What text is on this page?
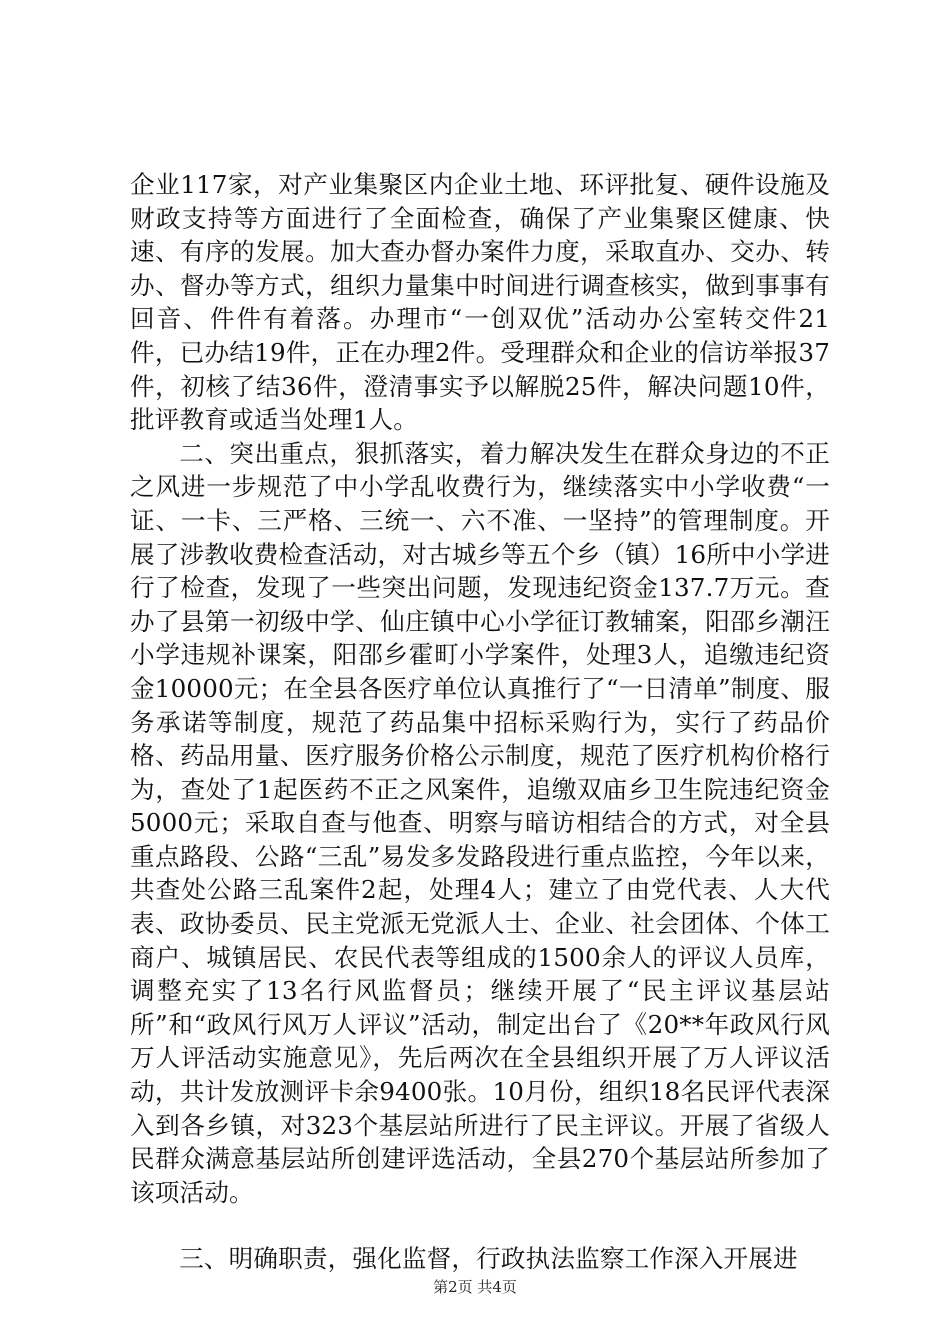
企业117家，对产业集聚区内企业土地、环评批复、硬件设施及财政支持等方面进行了全面检查，确保了产业集聚区健康、快速、有序的发展。加大查办督办案件力度，采取直办、交办、转办、督办等方式，组织力量集中时间进行调查核实，做到事事有回音、件件有着落。办理市“一创双优”活动办公室转交件21件，已办结19件，正在办理2件。受理群众和企业的信访举报37件，初核了结36件，澄清事实予以解脱25件，解决问题10件，批评教育或适当处理1人。

二、突出重点，狠抓落实，着力解决发生在群众身边的不正之风进一步规范了中小学乱收费行为，继续落实中小学收费“一证、一卡、三严格、三统一、六不准、一坚持”的管理制度。开展了涉教收费检查活动，对古城乡等五个乡（镇）16所中小学进行了检查，发现了一些突出问题，发现违纪资金137.7万元。查办了县第一初级中学、仙庄镇中心小学征订教辅案，阳邵乡潮汪小学违规补课案，阳邵乡霍町小学案件，处理3人，追缴违纪资金10000元；在全县各医疗单位认真推行了“一日清单”制度、服务承诺等制度，规范了药品集中招标采购行为，实行了药品价格、药品用量、医疗服务价格公示制度，规范了医疗机构价格行为，查处了1起医药不正之风案件，追缴双庙乡卫生院违纪资金5000元；采取自查与他查、明察与暗访相结合的方式，对全县重点路段、公路“三乱”易发多发路段进行重点监控，今年以来，共查处公路三乱案件2起，处理4人；建立了由党代表、人大代表、政协委员、民主党派无党派人士、企业、社会团体、个体工商户、城镇居民、农民代表等组成的1500余人的评议人员库，调整充实了13名行风监督员；继续开展了“民主评议基层站所”和“政风行风万人评议”活动，制定出台了《20**年政风行风万人评活动实施意见》，先后两次在全县组织开展了万人评议活动，共计发放测评卡余9400张。10月份，组织18名民评代表深入到各乡镇，对323个基层站所进行了民主评议。开展了省级人民群众满意基层站所创建评选活动，全县270个基层站所参加了该项活动。

三、明确职责，强化监督，行政执法监察工作深入开展进

第2页 共4页
